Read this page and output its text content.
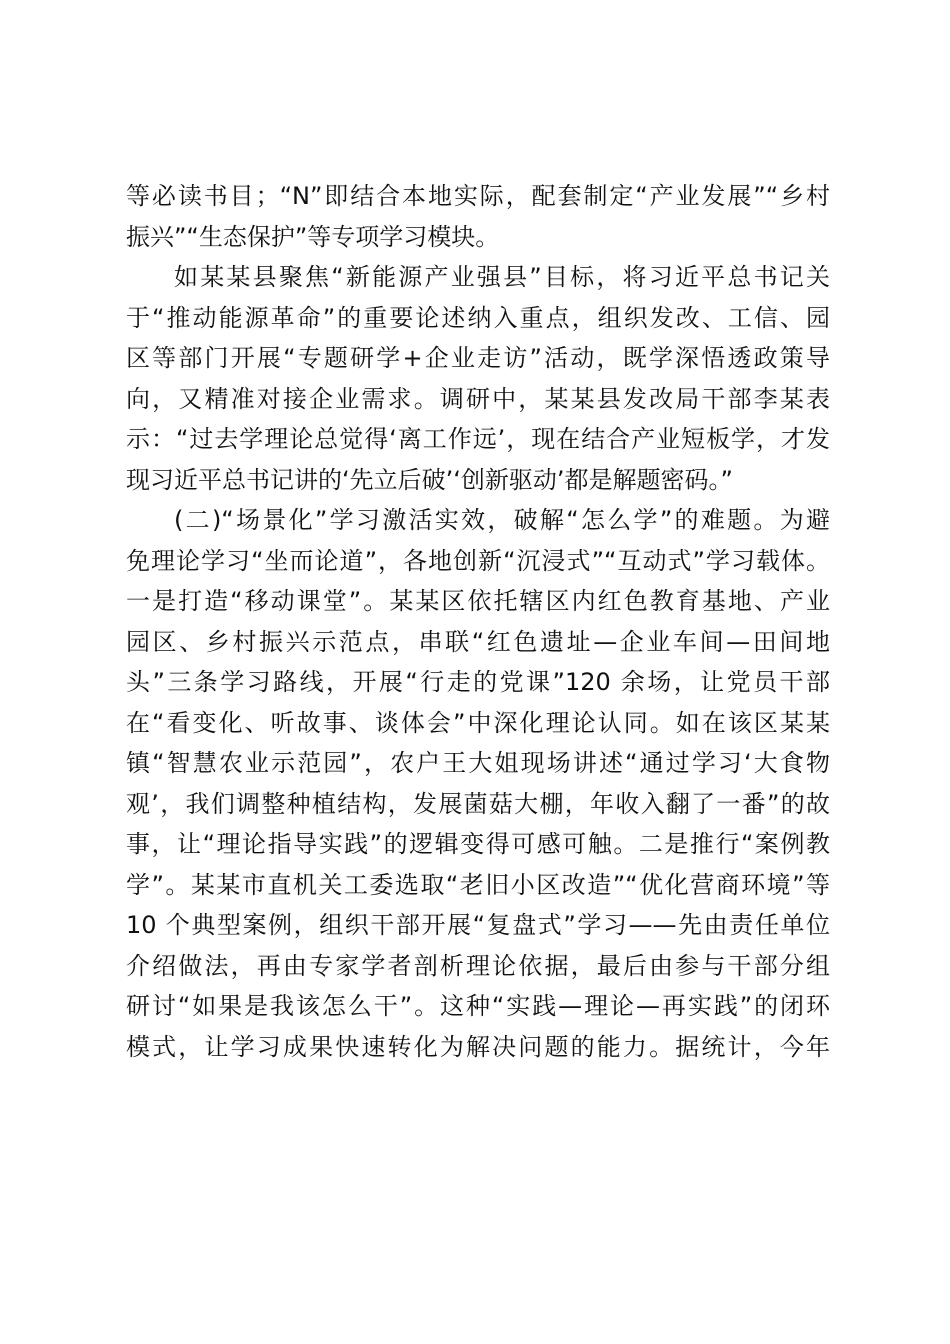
等必读书目；“N”即结合本地实际，配套制定“产业发展”“乡村
振兴”“生态保护”等专项学习模块。
如某某县聚焦“新能源产业强县”目标，将习近平总书记关
于“推动能源革命”的重要论述纳入重点，组织发改、工信、园
区等部门开展“专题研学+企业走访”活动，既学深悟透政策导
向，又精准对接企业需求。调研中，某某县发改局干部李某表
示：“过去学理论总觉得‘离工作远’，现在结合产业短板学，才发
现习近平总书记讲的‘先立后破’‘创新驱动’都是解题密码。”
(二)“场景化”学习激活实效，破解“怎么学”的难题。为避
免理论学习“坐而论道”，各地创新“沉浸式”“互动式”学习载体。
一是打造“移动课堂”。某某区依托辖区内红色教育基地、产业
园区、乡村振兴示范点，串联“红色遗址—企业车间—田间地
头”三条学习路线，开展“行走的党课”120 余场，让党员干部
在“看变化、听故事、谈体会”中深化理论认同。如在该区某某
镇“智慧农业示范园”，农户王大姐现场讲述“通过学习‘大食物
观’，我们调整种植结构，发展菌菇大棚，年收入翻了一番”的故
事，让“理论指导实践”的逻辑变得可感可触。二是推行“案例教
学”。某某市直机关工委选取“老旧小区改造”“优化营商环境”等
10 个典型案例，组织干部开展“复盘式”学习——先由责任单位
介绍做法，再由专家学者剖析理论依据，最后由参与干部分组
研讨“如果是我该怎么干”。这种“实践—理论—再实践”的闭环
模式，让学习成果快速转化为解决问题的能力。据统计，今年
